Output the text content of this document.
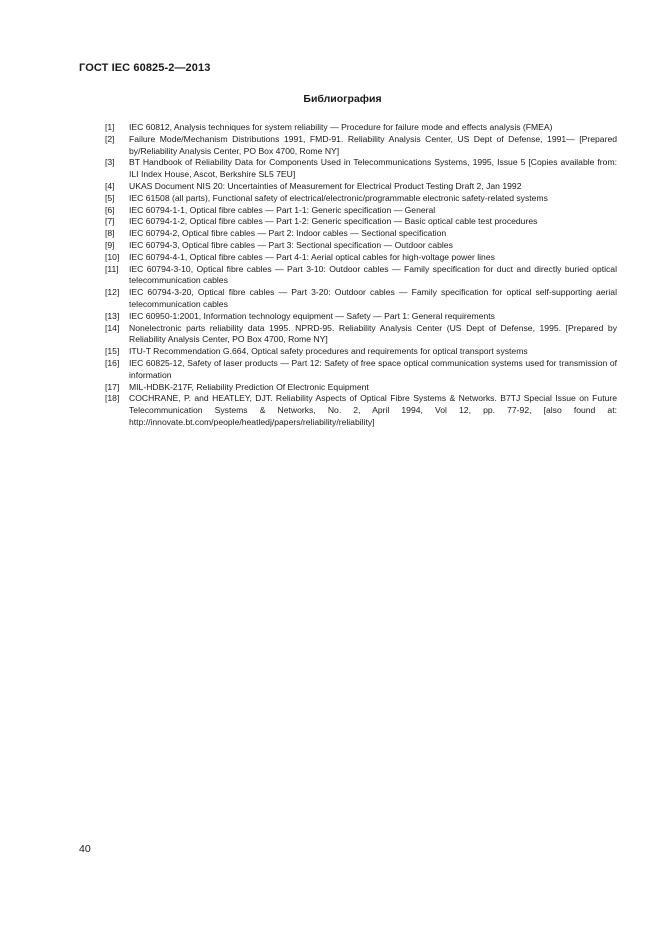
ГОСТ IEC 60825-2—2013
Библиография
[1]	IEC 60812, Analysis techniques for system reliability — Procedure for failure mode and effects analysis (FMEA)
[2]	Failure Mode/Mechanism Distributions 1991, FMD-91. Reliability Analysis Center, US Dept of Defense, 1991— [Prepared by/Reliability Analysis Center, PO Box 4700, Rome NY]
[3]	BT Handbook of Reliability Data for Components Used in Telecommunications Systems, 1995, Issue 5 [Copies available from: ILI Index House, Ascot, Berkshire SL5 7EU]
[4]	UKAS Document NIS 20: Uncertainties of Measurement for Electrical Product Testing Draft 2, Jan 1992
[5]	IEC 61508 (all parts), Functional safety of electrical/electronic/programmable electronic safety-related systems
[6]	IEC 60794-1-1, Optical fibre cables — Part 1-1: Generic specification — General
[7]	IEC 60794-1-2, Optical fibre cables — Part 1-2: Generic specification — Basic optical cable test procedures
[8]	IEC 60794-2, Optical fibre cables — Part 2: Indoor cables — Sectional specification
[9]	IEC 60794-3, Optical fibre cables — Part 3: Sectional specification — Outdoor cables
[10]	IEC 60794-4-1, Optical fibre cables — Part 4-1: Aerial optical cables for high-voltage power lines
[11]	IEC 60794-3-10, Optical fibre cables — Part 3-10: Outdoor cables — Family specification for duct and directly buried optical telecommunication cables
[12]	IEC 60794-3-20, Optical fibre cables — Part 3-20: Outdoor cables — Family specification for optical self-supporting aerial telecommunication cables
[13]	IEC 60950-1:2001, Information technology equipment — Safety — Part 1: General requirements
[14]	Nonelectronic parts reliability data 1995. NPRD-95. Reliability Analysis Center (US Dept of Defense, 1995. [Prepared by Reliability Analysis Center, PO Box 4700, Rome NY]
[15]	ITU-T Recommendation G.664, Optical safety procedures and requirements for optical transport systems
[16]	IEC 60825-12, Safety of laser products — Part 12: Safety of free space optical communication systems used for transmission of information
[17]	MIL-HDBK-217F, Reliability Prediction Of Electronic Equipment
[18]	COCHRANE, P. and HEATLEY, DJT. Reliability Aspects of Optical Fibre Systems & Networks. B7TJ Special Issue on Future Telecommunication Systems & Networks, No. 2, April 1994, Vol 12, pp. 77-92, [also found at: http://innovate.bt.com/people/heatledj/papers/reliability/reliability]
40
